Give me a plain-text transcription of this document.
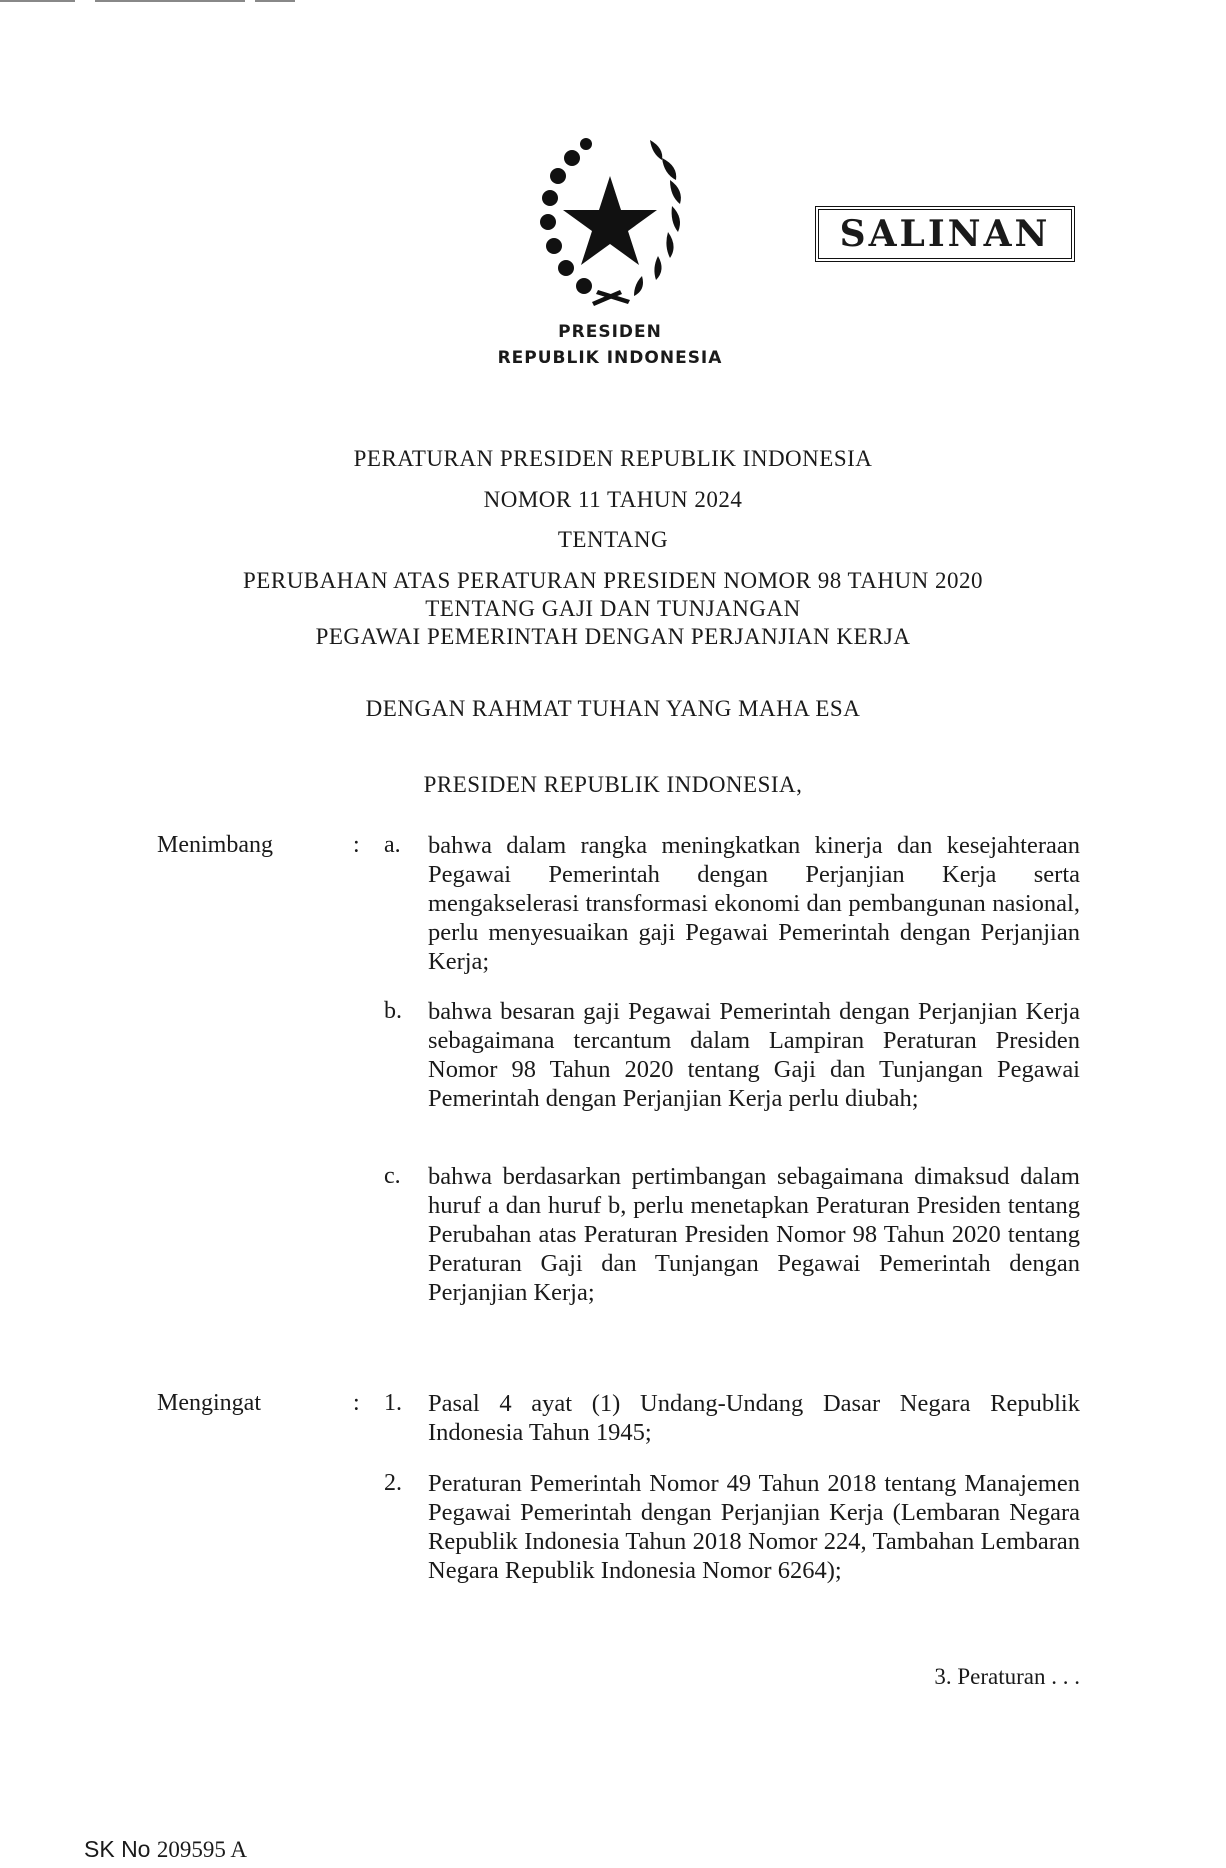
SALINAN
PRESIDEN
REPUBLIK INDONESIA
PERATURAN PRESIDEN REPUBLIK INDONESIA
NOMOR 11 TAHUN 2024
TENTANG
PERUBAHAN ATAS PERATURAN PRESIDEN NOMOR 98 TAHUN 2020
TENTANG GAJI DAN TUNJANGAN
PEGAWAI PEMERINTAH DENGAN PERJANJIAN KERJA
DENGAN RAHMAT TUHAN YANG MAHA ESA
PRESIDEN REPUBLIK INDONESIA,
Menimbang	: a. bahwa dalam rangka meningkatkan kinerja dan kesejahteraan Pegawai Pemerintah dengan Perjanjian Kerja serta mengakselerasi transformasi ekonomi dan pembangunan nasional, perlu menyesuaikan gaji Pegawai Pemerintah dengan Perjanjian Kerja;

b. bahwa besaran gaji Pegawai Pemerintah dengan Perjanjian Kerja sebagaimana tercantum dalam Lampiran Peraturan Presiden Nomor 98 Tahun 2020 tentang Gaji dan Tunjangan Pegawai Pemerintah dengan Perjanjian Kerja perlu diubah;

c. bahwa berdasarkan pertimbangan sebagaimana dimaksud dalam huruf a dan huruf b, perlu menetapkan Peraturan Presiden tentang Perubahan atas Peraturan Presiden Nomor 98 Tahun 2020 tentang Peraturan Gaji dan Tunjangan Pegawai Pemerintah dengan Perjanjian Kerja;

Mengingat	: 1. Pasal 4 ayat (1) Undang-Undang Dasar Negara Republik Indonesia Tahun 1945;

2. Peraturan Pemerintah Nomor 49 Tahun 2018 tentang Manajemen Pegawai Pemerintah dengan Perjanjian Kerja (Lembaran Negara Republik Indonesia Tahun 2018 Nomor 224, Tambahan Lembaran Negara Republik Indonesia Nomor 6264);

3. Peraturan . . .
SK No 209595 A
